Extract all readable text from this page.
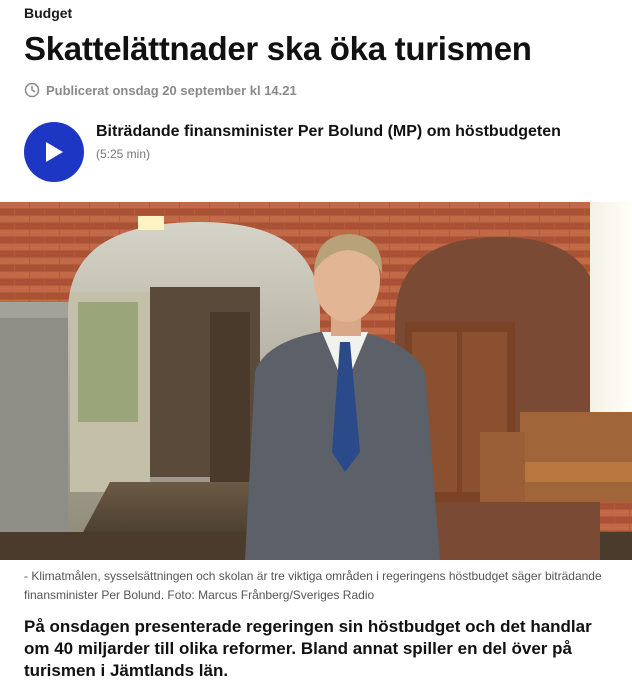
Budget
Skattelättnader ska öka turismen
Publicerat onsdag 20 september kl 14.21
Biträdande finansminister Per Bolund (MP) om höstbudgeten
(5:25 min)

- Klimatmålen, sysselsättningen och skolan är tre viktiga områden i regeringens höstbudget säger biträdande finansminister Per Bolund. Foto: Marcus Frånberg/Sveriges Radio

På onsdagen presenterade regeringen sin höstbudget och det handlar om 40 miljarder till olika reformer. Bland annat spiller en del över på turismen i Jämtlands län.
